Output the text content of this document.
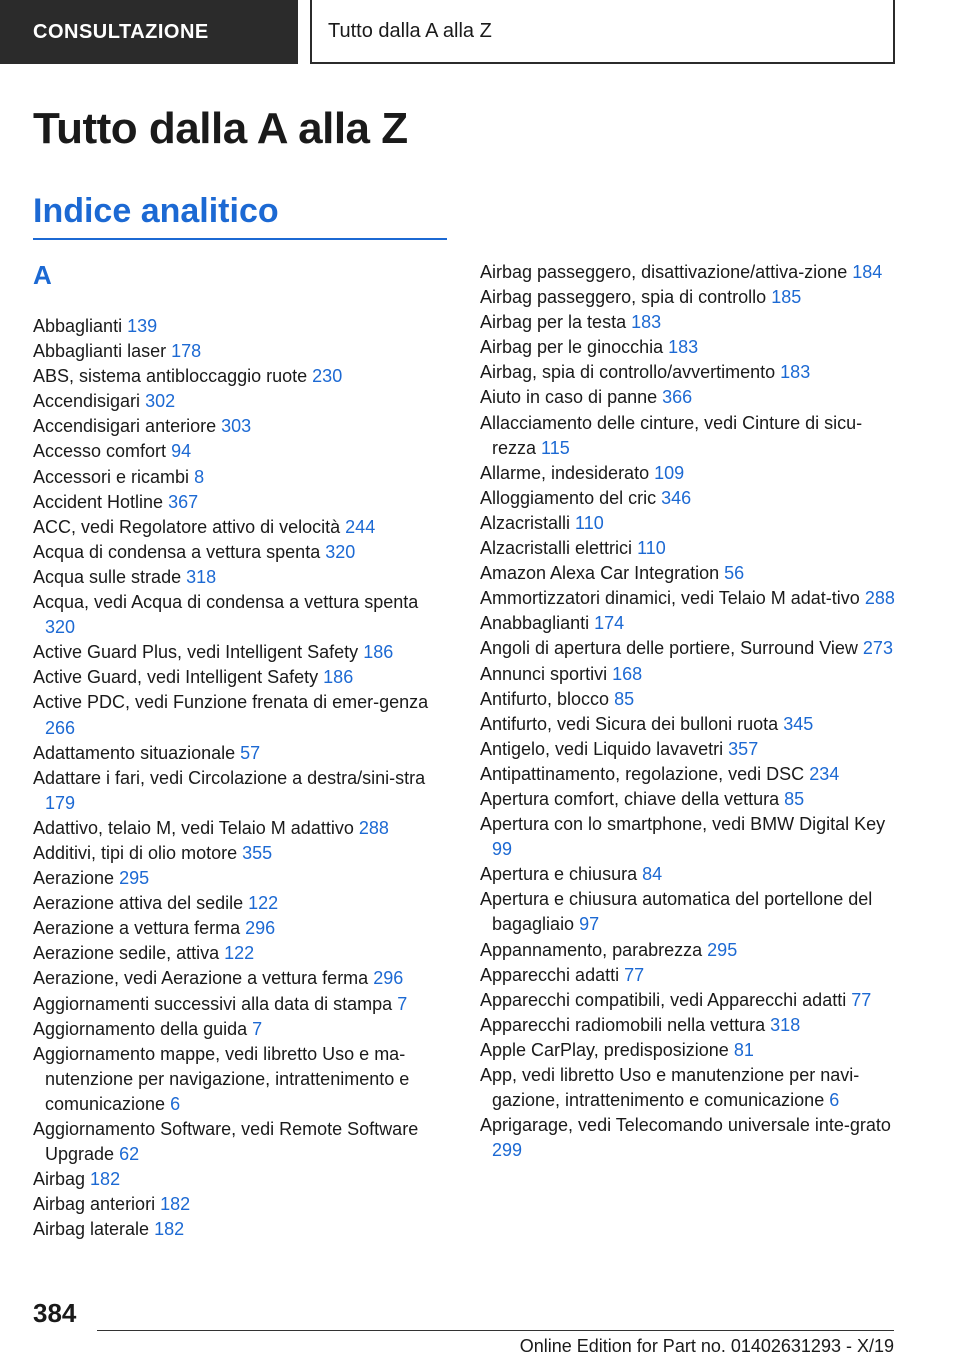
CONSULTAZIONE	Tutto dalla A alla Z
Tutto dalla A alla Z
Indice analitico
A
Abbaglianti 139
Abbaglianti laser 178
ABS, sistema antibloccaggio ruote 230
Accendisigari 302
Accendisigari anteriore 303
Accesso comfort 94
Accessori e ricambi 8
Accident Hotline 367
ACC, vedi Regolatore attivo di velocità 244
Acqua di condensa a vettura spenta 320
Acqua sulle strade 318
Acqua, vedi Acqua di condensa a vettura spenta 320
Active Guard Plus, vedi Intelligent Safety 186
Active Guard, vedi Intelligent Safety 186
Active PDC, vedi Funzione frenata di emer-genza 266
Adattamento situazionale 57
Adattare i fari, vedi Circolazione a destra/sini-stra 179
Adattivo, telaio M, vedi Telaio M adattivo 288
Additivi, tipi di olio motore 355
Aerazione 295
Aerazione attiva del sedile 122
Aerazione a vettura ferma 296
Aerazione sedile, attiva 122
Aerazione, vedi Aerazione a vettura ferma 296
Aggiornamenti successivi alla data di stampa 7
Aggiornamento della guida 7
Aggiornamento mappe, vedi libretto Uso e ma-nutenzione per navigazione, intrattenimento e comunicazione 6
Aggiornamento Software, vedi Remote Software Upgrade 62
Airbag 182
Airbag anteriori 182
Airbag laterale 182
Airbag passeggero, disattivazione/attiva-zione 184
Airbag passeggero, spia di controllo 185
Airbag per la testa 183
Airbag per le ginocchia 183
Airbag, spia di controllo/avvertimento 183
Aiuto in caso di panne 366
Allacciamento delle cinture, vedi Cinture di sicu-rezza 115
Allarme, indesiderato 109
Alloggiamento del cric 346
Alzacristalli 110
Alzacristalli elettrici 110
Amazon Alexa Car Integration 56
Ammortizzatori dinamici, vedi Telaio M adat-tivo 288
Anabbaglianti 174
Angoli di apertura delle portiere, Surround View 273
Annunci sportivi 168
Antifurto, blocco 85
Antifurto, vedi Sicura dei bulloni ruota 345
Antigelo, vedi Liquido lavavetri 357
Antipattinamento, regolazione, vedi DSC 234
Apertura comfort, chiave della vettura 85
Apertura con lo smartphone, vedi BMW Digital Key 99
Apertura e chiusura 84
Apertura e chiusura automatica del portellone del bagagliaio 97
Appannamento, parabrezza 295
Apparecchi adatti 77
Apparecchi compatibili, vedi Apparecchi adatti 77
Apparecchi radiomobili nella vettura 318
Apple CarPlay, predisposizione 81
App, vedi libretto Uso e manutenzione per navi-gazione, intrattenimento e comunicazione 6
Aprigarage, vedi Telecomando universale inte-grato 299
384
Online Edition for Part no. 01402631293 - X/19
